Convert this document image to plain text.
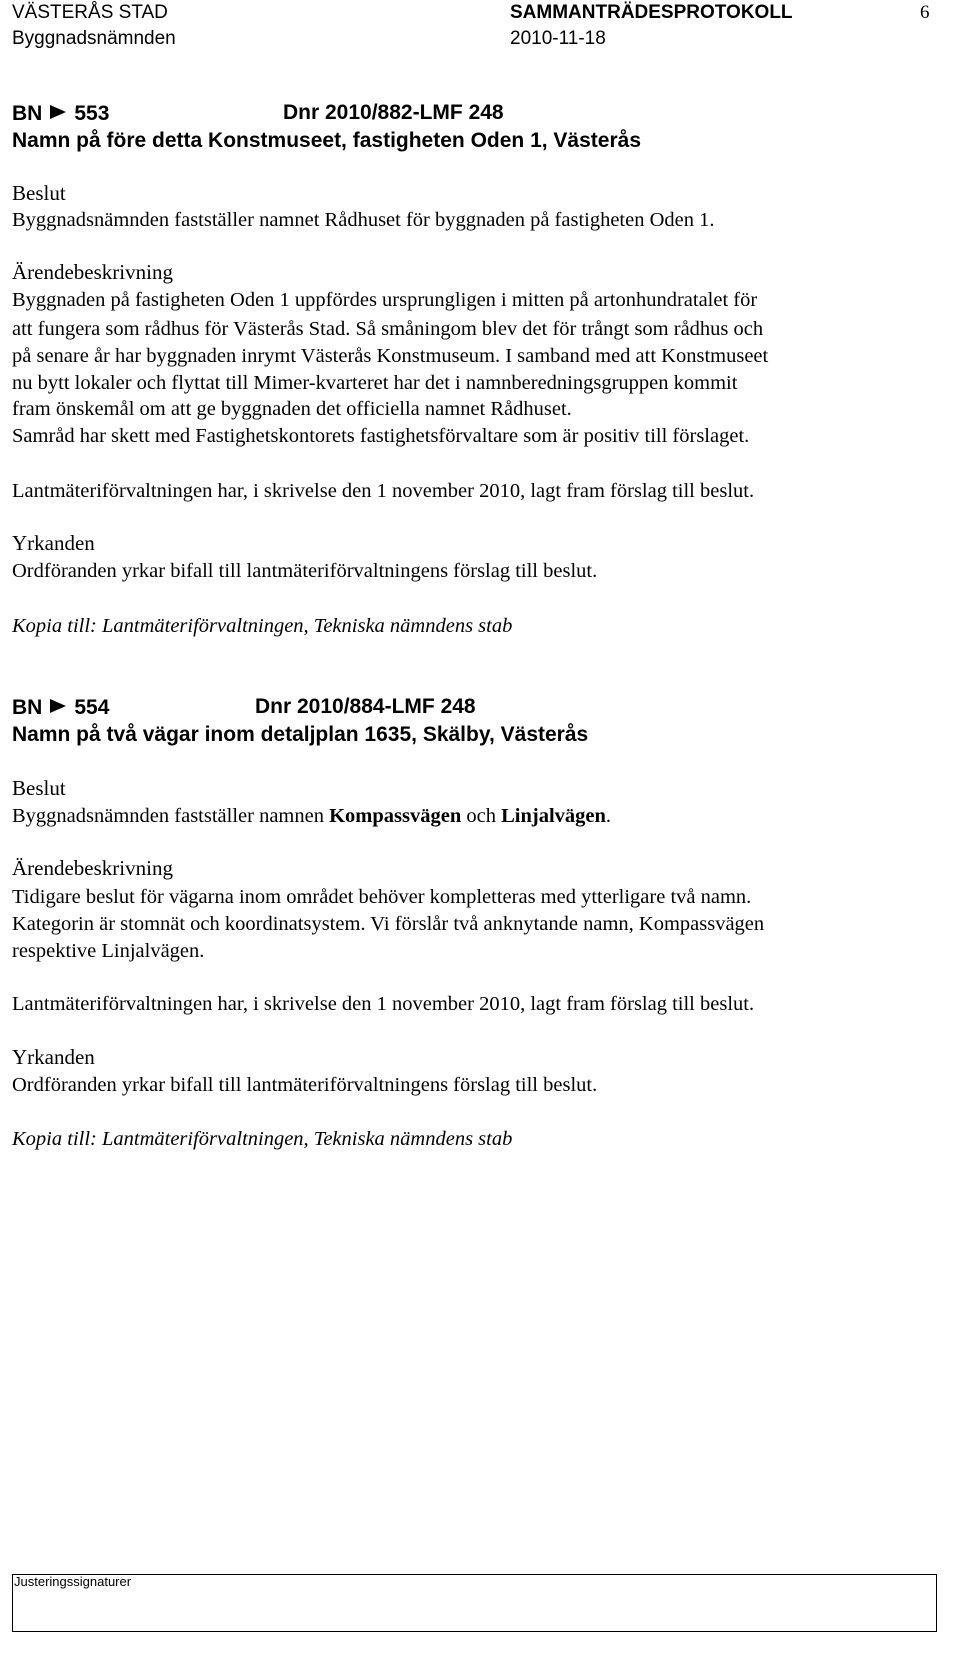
VÄSTERÅS STAD	SAMMANTRÄDESPROTOKOLL	6
Byggnadsnämnden	2010-11-18
BN 553	Dnr 2010/882-LMF 248
Namn på före detta Konstmuseet, fastigheten Oden 1, Västerås
Beslut
Byggnadsnämnden fastställer namnet Rådhuset för byggnaden på fastigheten Oden 1.
Ärendebeskrivning
Byggnaden på fastigheten Oden 1 uppfördes ursprungligen i mitten på artonhundratalet för
att fungera som rådhus för Västerås Stad. Så småningom blev det för trångt som rådhus och
på senare år har byggnaden inrymt Västerås Konstmuseum. I samband med att Konstmuseet
nu bytt lokaler och flyttat till Mimer-kvarteret har det i namnberedningsgruppen kommit
fram önskemål om att ge byggnaden det officiella namnet Rådhuset.
Samråd har skett med Fastighetskontorets fastighetsförvaltare som är positiv till förslaget.
Lantmäteriförvaltningen har, i skrivelse den 1 november 2010, lagt fram förslag till beslut.
Yrkanden
Ordföranden yrkar bifall till lantmäteriförvaltningens förslag till beslut.
Kopia till: Lantmäteriförvaltningen, Tekniska nämndens stab
BN 554	Dnr 2010/884-LMF 248
Namn på två vägar inom detaljplan 1635, Skälby, Västerås
Beslut
Byggnadsnämnden fastställer namnen Kompassvägen och Linjalvägen.
Ärendebeskrivning
Tidigare beslut för vägarna inom området behöver kompletteras med ytterligare två namn.
Kategorin är stomnät och koordinatsystem. Vi förslår två anknytande namn, Kompassvägen
respektive Linjalvägen.
Lantmäteriförvaltningen har, i skrivelse den 1 november 2010, lagt fram förslag till beslut.
Yrkanden
Ordföranden yrkar bifall till lantmäteriförvaltningens förslag till beslut.
Kopia till: Lantmäteriförvaltningen, Tekniska nämndens stab
Justeringssignaturer
